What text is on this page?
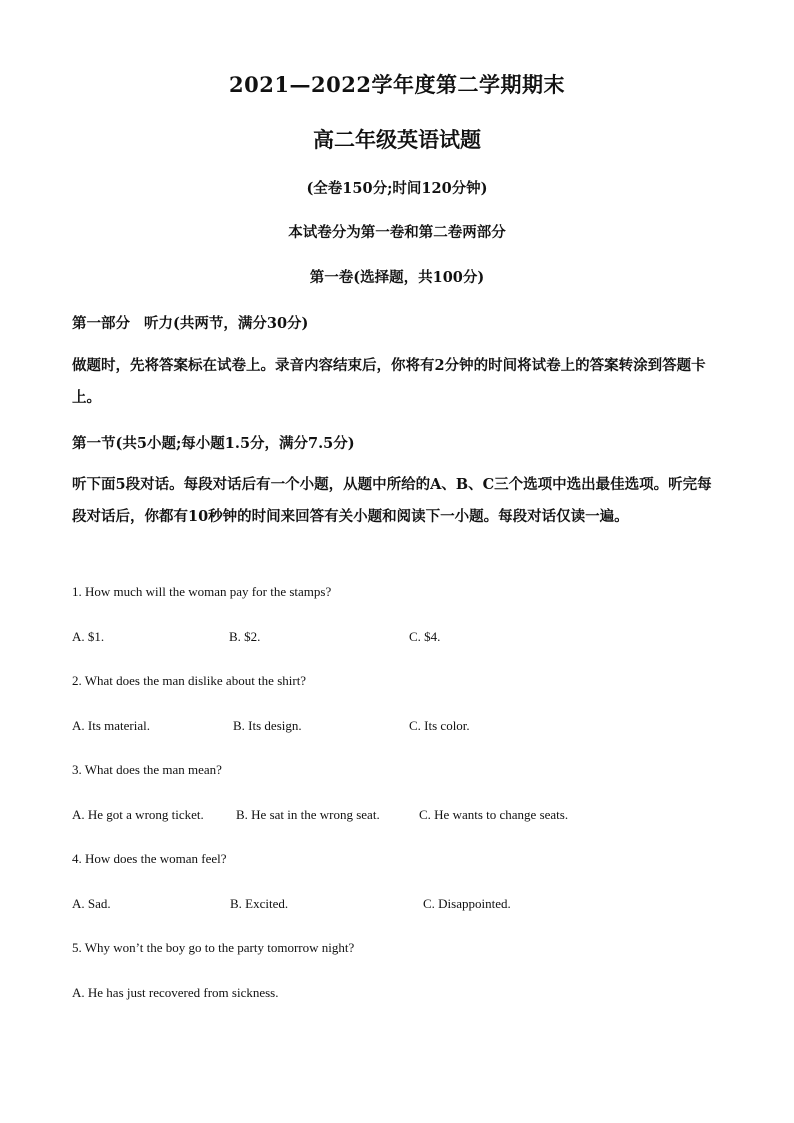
2021—2022学年度第二学期期末
高二年级英语试题
(全卷150分;时间120分钟)
本试卷分为第一卷和第二卷两部分
第一卷(选择题，共100分)
第一部分 听力(共两节，满分30分)
做题时，先将答案标在试卷上。录音内容结束后，你将有2分钟的时间将试卷上的答案转涂到答题卡上。
第一节(共5小题;每小题1.5分，满分7.5分)
听下面5段对话。每段对话后有一个小题，从题中所给的A、B、C三个选项中选出最佳选项。听完每段对话后，你都有10秒钟的时间来回答有关小题和阅读下一小题。每段对话仅读一遍。
1. How much will the woman pay for the stamps?
A. $1.	B. $2.	C. $4.
2. What does the man dislike about the shirt?
A. Its material.	B. Its design.	C. Its color.
3. What does the man mean?
A. He got a wrong ticket. B. He sat in the wrong seat.	C. He wants to change seats.
4. How does the woman feel?
A. Sad.	B. Excited.	C. Disappointed.
5. Why won’t the boy go to the party tomorrow night?
A. He has just recovered from sickness.
